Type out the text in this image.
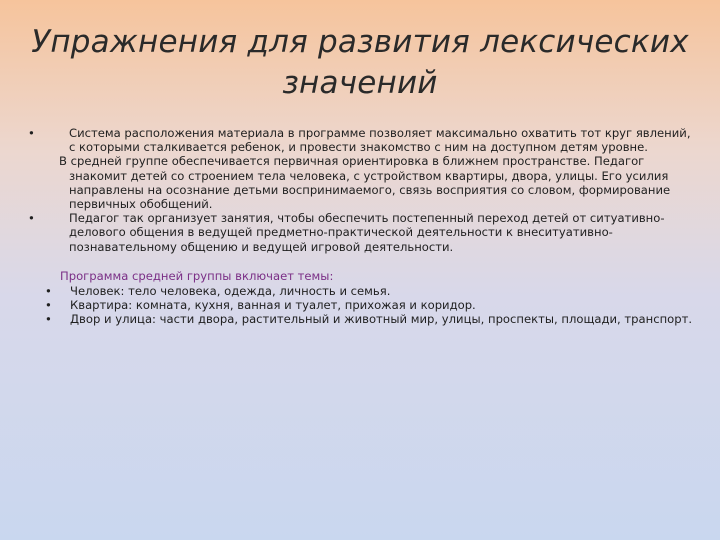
Упражнения для развития лексических значений
•	Система расположения материала в программе позволяет максимально охватить тот круг явлений, с которыми сталкивается ребенок, и провести знакомство с ним на доступном детям уровне.
В средней группе обеспечивается первичная ориентировка в ближнем пространстве. Педагог знакомит детей со строением тела человека, с устройством квартиры, двора, улицы. Его усилия направлены на осознание детьми воспринимаемого, связь восприятия со словом, формирование первичных обобщений.
•	Педагог так организует занятия, чтобы обеспечить постепенный переход детей от ситуативно-делового общения в ведущей предметно-практической деятельности к внеситуативно-познавательному общению и ведущей игровой деятельности.
Программа средней группы включает темы:
•	Человек: тело человека, одежда, личность и семья.
•	Квартира: комната, кухня, ванная и туалет, прихожая и коридор.
•	Двор и улица: части двора, растительный и животный мир, улицы, проспекты, площади, транспорт.
